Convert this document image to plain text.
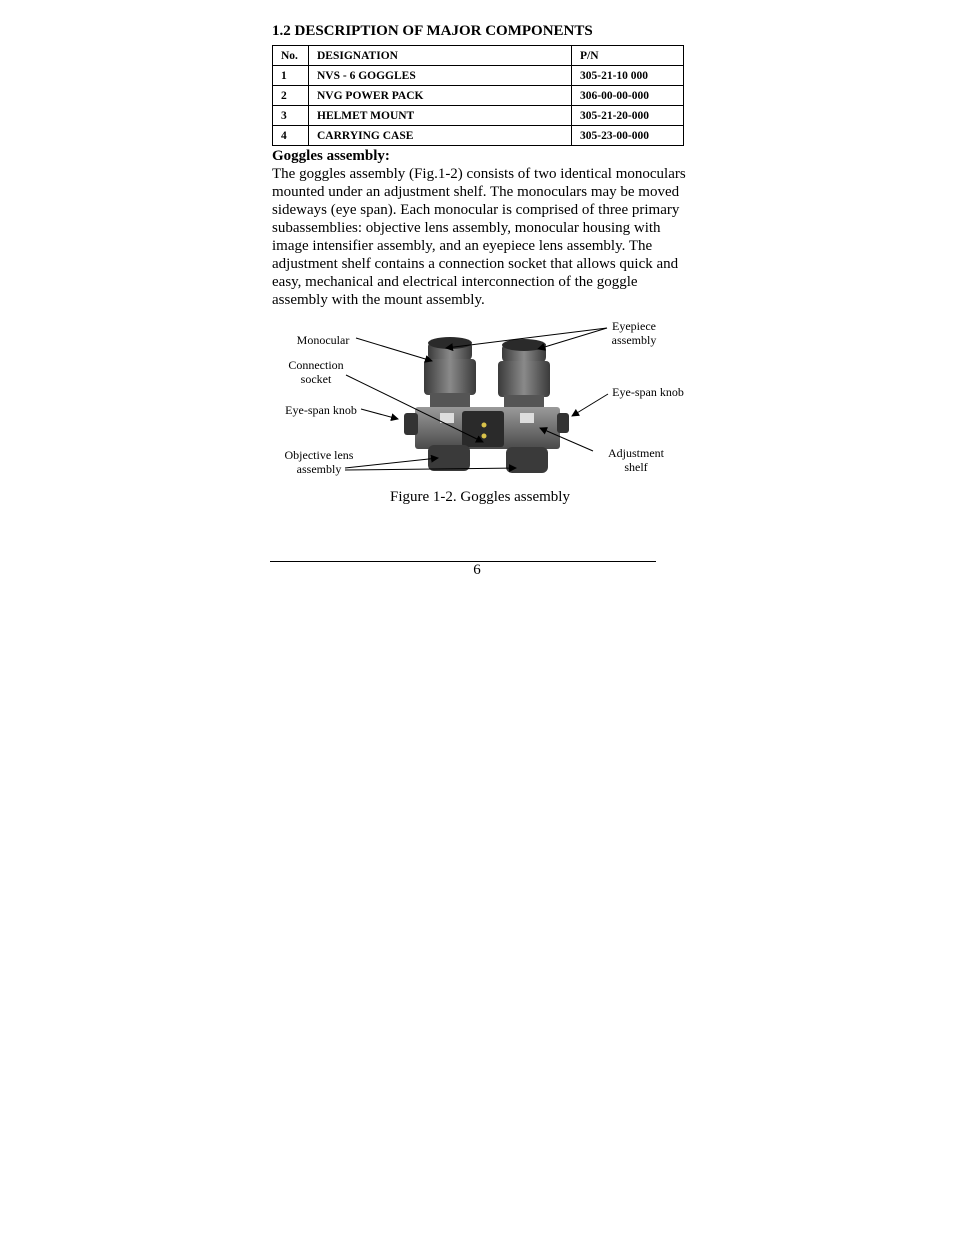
1.2 DESCRIPTION OF MAJOR COMPONENTS
No.	DESIGNATION	P/N
1	NVS - 6 GOGGLES	305-21-10 000
2	NVG POWER PACK	306-00-00-000
3	HELMET MOUNT	305-21-20-000
4	CARRYING CASE	305-23-00-000
Goggles assembly:

The goggles assembly (Fig.1-2) consists of two identical monoculars mounted under an adjustment shelf. The monoculars may be moved sideways (eye span). Each monocular is comprised of three primary subassemblies: objective lens assembly, monocular housing with image intensifier assembly, and an eyepiece lens assembly. The adjustment shelf contains a connection socket that allows quick and easy, mechanical and electrical interconnection of the goggle assembly with the mount assembly.

Monocular
Connection socket
Eye-span knob
Objective lens assembly
Eyepiece assembly
Eye-span knob
Adjustment shelf
Figure 1-2. Goggles assembly
6
